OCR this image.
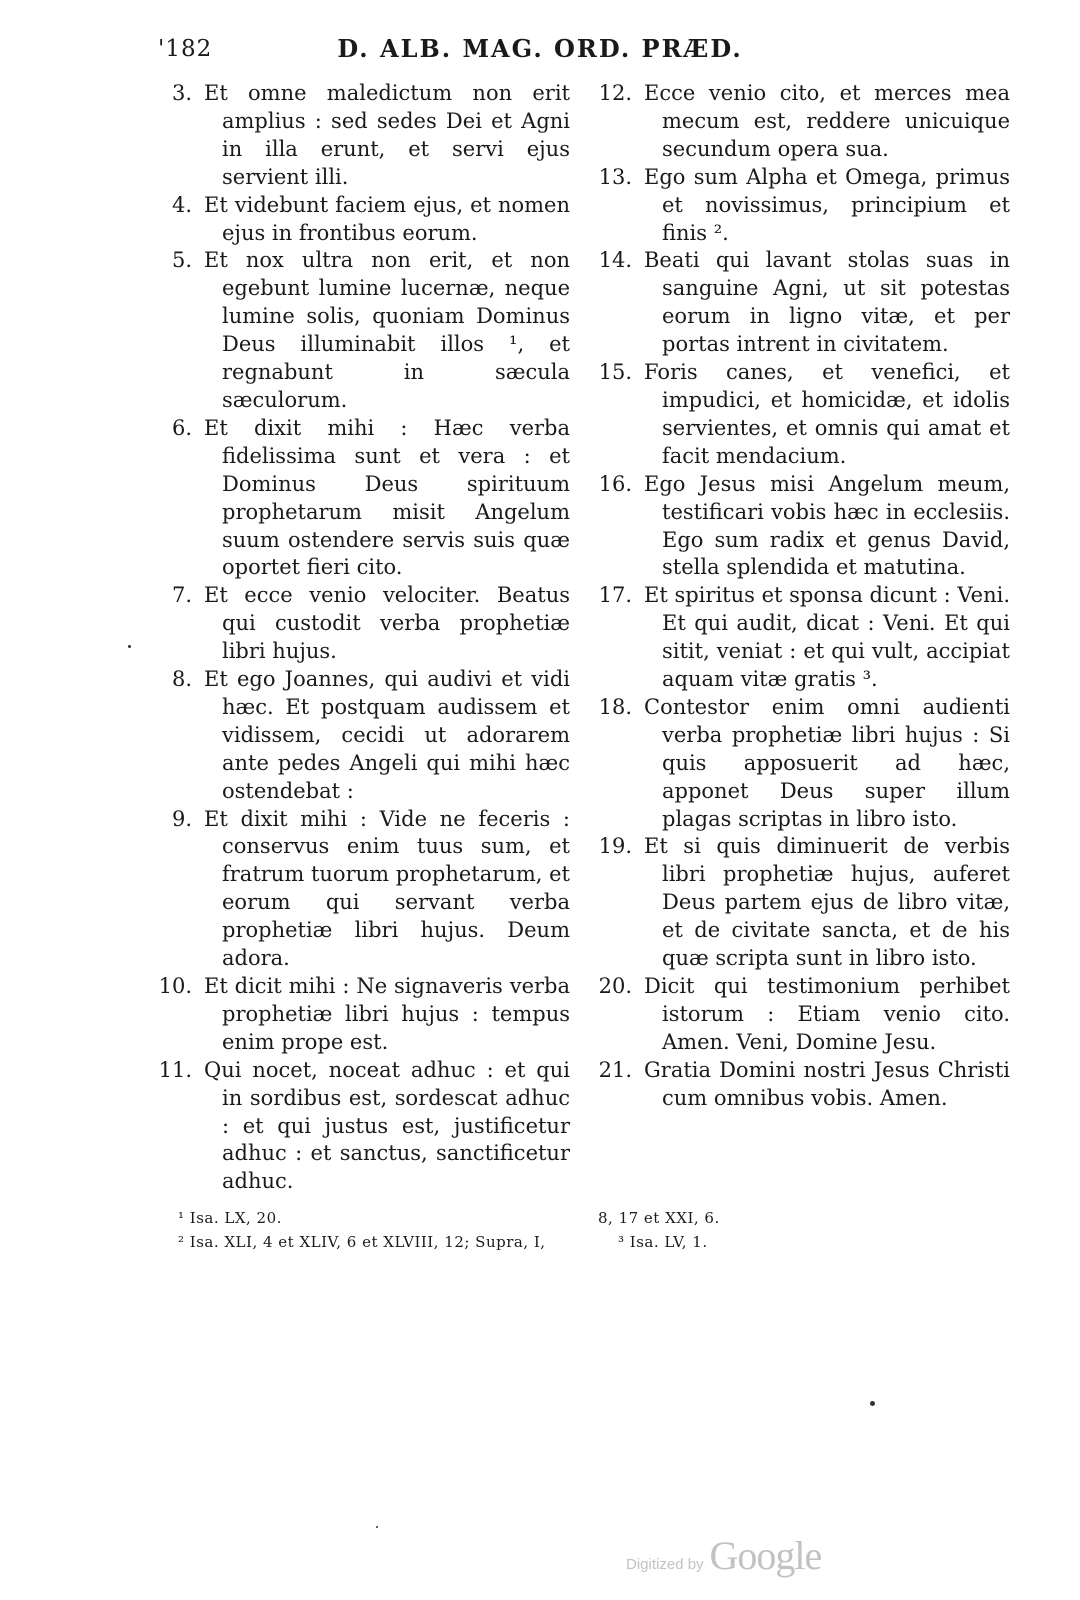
'182	D. ALB. MAG. ORD. PRÆD.
3. Et omne maledictum non erit amplius : sed sedes Dei et Agni in illa erunt, et servi ejus servient illi.
4. Et videbunt faciem ejus, et nomen ejus in frontibus eorum.
5. Et nox ultra non erit, et non egebunt lumine lucernæ, neque lumine solis, quoniam Dominus Deus illuminabit illos ¹, et regnabunt in sæcula sæculorum.
6. Et dixit mihi : Hæc verba fidelissima sunt et vera : et Dominus Deus spirituum prophetarum misit Angelum suum ostendere servis suis quæ oportet fieri cito.
7. Et ecce venio velociter. Beatus qui custodit verba prophetiæ libri hujus.
8. Et ego Joannes, qui audivi et vidi hæc. Et postquam audissem et vidissem, cecidi ut adorarem ante pedes Angeli qui mihi hæc ostendebat :
9. Et dixit mihi : Vide ne feceris : conservus enim tuus sum, et fratrum tuorum prophetarum, et eorum qui servant verba prophetiæ libri hujus. Deum adora.
10. Et dicit mihi : Ne signaveris verba prophetiæ libri hujus : tempus enim prope est.
11. Qui nocet, noceat adhuc : et qui in sordibus est, sordescat adhuc : et qui justus est, justificetur adhuc : et sanctus, sanctificetur adhuc.
12. Ecce venio cito, et merces mea mecum est, reddere unicuique secundum opera sua.
13. Ego sum Alpha et Omega, primus et novissimus, principium et finis ².
14. Beati qui lavant stolas suas in sanguine Agni, ut sit potestas eorum in ligno vitæ, et per portas intrent in civitatem.
15. Foris canes, et venefici, et impudici, et homicidæ, et idolis servientes, et omnis qui amat et facit mendacium.
16. Ego Jesus misi Angelum meum, testificari vobis hæc in ecclesiis. Ego sum radix et genus David, stella splendida et matutina.
17. Et spiritus et sponsa dicunt : Veni. Et qui audit, dicat : Veni. Et qui sitit, veniat : et qui vult, accipiat aquam vitæ gratis ³.
18. Contestor enim omni audienti verba prophetiæ libri hujus : Si quis apposuerit ad hæc, apponet Deus super illum plagas scriptas in libro isto.
19. Et si quis diminuerit de verbis libri prophetiæ hujus, auferet Deus partem ejus de libro vitæ, et de civitate sancta, et de his quæ scripta sunt in libro isto.
20. Dicit qui testimonium perhibet istorum : Etiam venio cito. Amen. Veni, Domine Jesu.
21. Gratia Domini nostri Jesus Christi cum omnibus vobis. Amen.
¹ Isa. LX, 20.
² Isa. XLI, 4 et XLIV, 6 et XLVIII, 12; Supra, I,
8, 17 et XXI, 6.
³ Isa. LV, 1.
Digitized by Google
